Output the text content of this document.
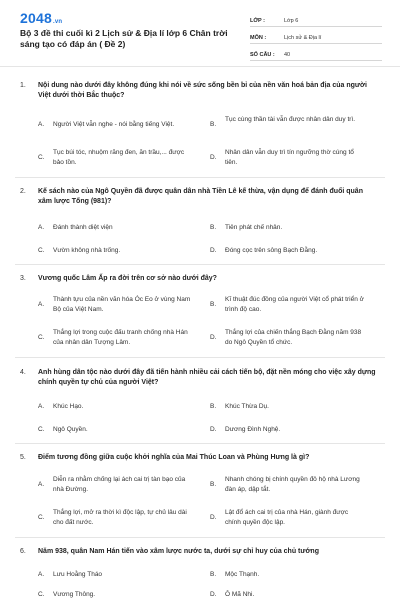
2048.vn
Bộ 3 đề thi cuối kì 2 Lịch sử & Địa lí lớp 6 Chân trời sáng tạo có đáp án ( Đề 2)
LỚP :	Lớp 6
MÔN :	Lịch sử & Địa lí
SỐ CÂU :	40
1. Nội dung nào dưới đây không đúng khi nói về sức sống bền bỉ của nền văn hoá bản địa của người Việt dưới thời Bắc thuộc?
A. Người Việt vẫn nghe - nói bằng tiếng Việt.	B.
Tục cùng thần tài vẫn được nhân dân duy trì.
C.
Tục búi tóc, nhuộm răng đen, ăn trầu,... được bảo tồn.
D.
Nhân dân vẫn duy trì tín ngưỡng thờ cúng tổ tiên.
2. Kế sách nào của Ngô Quyền đã được quân dân nhà Tiền Lê kế thừa, vận dụng để đánh đuổi quân xâm lược Tống (981)?
A. Đánh thành diệt viện	B. Tiên phát chế nhân.
C. Vườn không nhà trống.	D. Đóng cọc trên sông Bạch Đằng.
3. Vương quốc Lâm Ấp ra đời trên cơ sở nào dưới đây?
A.
Thành tựu của nền văn hóa Óc Eo ở vùng Nam Bộ của Việt Nam.
B.
Kĩ thuật đúc đồng của người Việt cổ phát triển ở trình độ cao.
C.
Thắng lợi trong cuộc đấu tranh chống nhà Hán của nhân dân Tượng Lâm.
D.
Thắng lợi của chiến thắng Bạch Đằng năm 938 do Ngô Quyền tổ chức.
4. Anh hùng dân tộc nào dưới đây đã tiến hành nhiều cải cách tiến bộ, đặt nền móng cho việc xây dựng chính quyền tự chủ của người Việt?
A. Khúc Hạo.	B. Khúc Thừa Dụ.
C. Ngô Quyền.	D. Dương Đình Nghệ.
5. Điểm tương đồng giữa cuộc khởi nghĩa của Mai Thúc Loan và Phùng Hưng là gì?
A.
Diễn ra nhằm chống lại ách cai trị tàn bạo của nhà Đường.
B.
Nhanh chóng bị chính quyền đô hộ nhà Lương đàn áp, dập tắt.
C.
Thắng lợi, mở ra thời kì độc lập, tự chủ lâu dài cho đất nước.
D.
Lật đổ ách cai trị của nhà Hán, giành được chính quyền độc lập.
6. Năm 938, quân Nam Hán tiến vào xâm lược nước ta, dưới sự chỉ huy của chủ tướng
A. Lưu Hoằng Tháo	B. Mộc Thạnh.
C. Vương Thông.	D. Ô Mã Nhi.
